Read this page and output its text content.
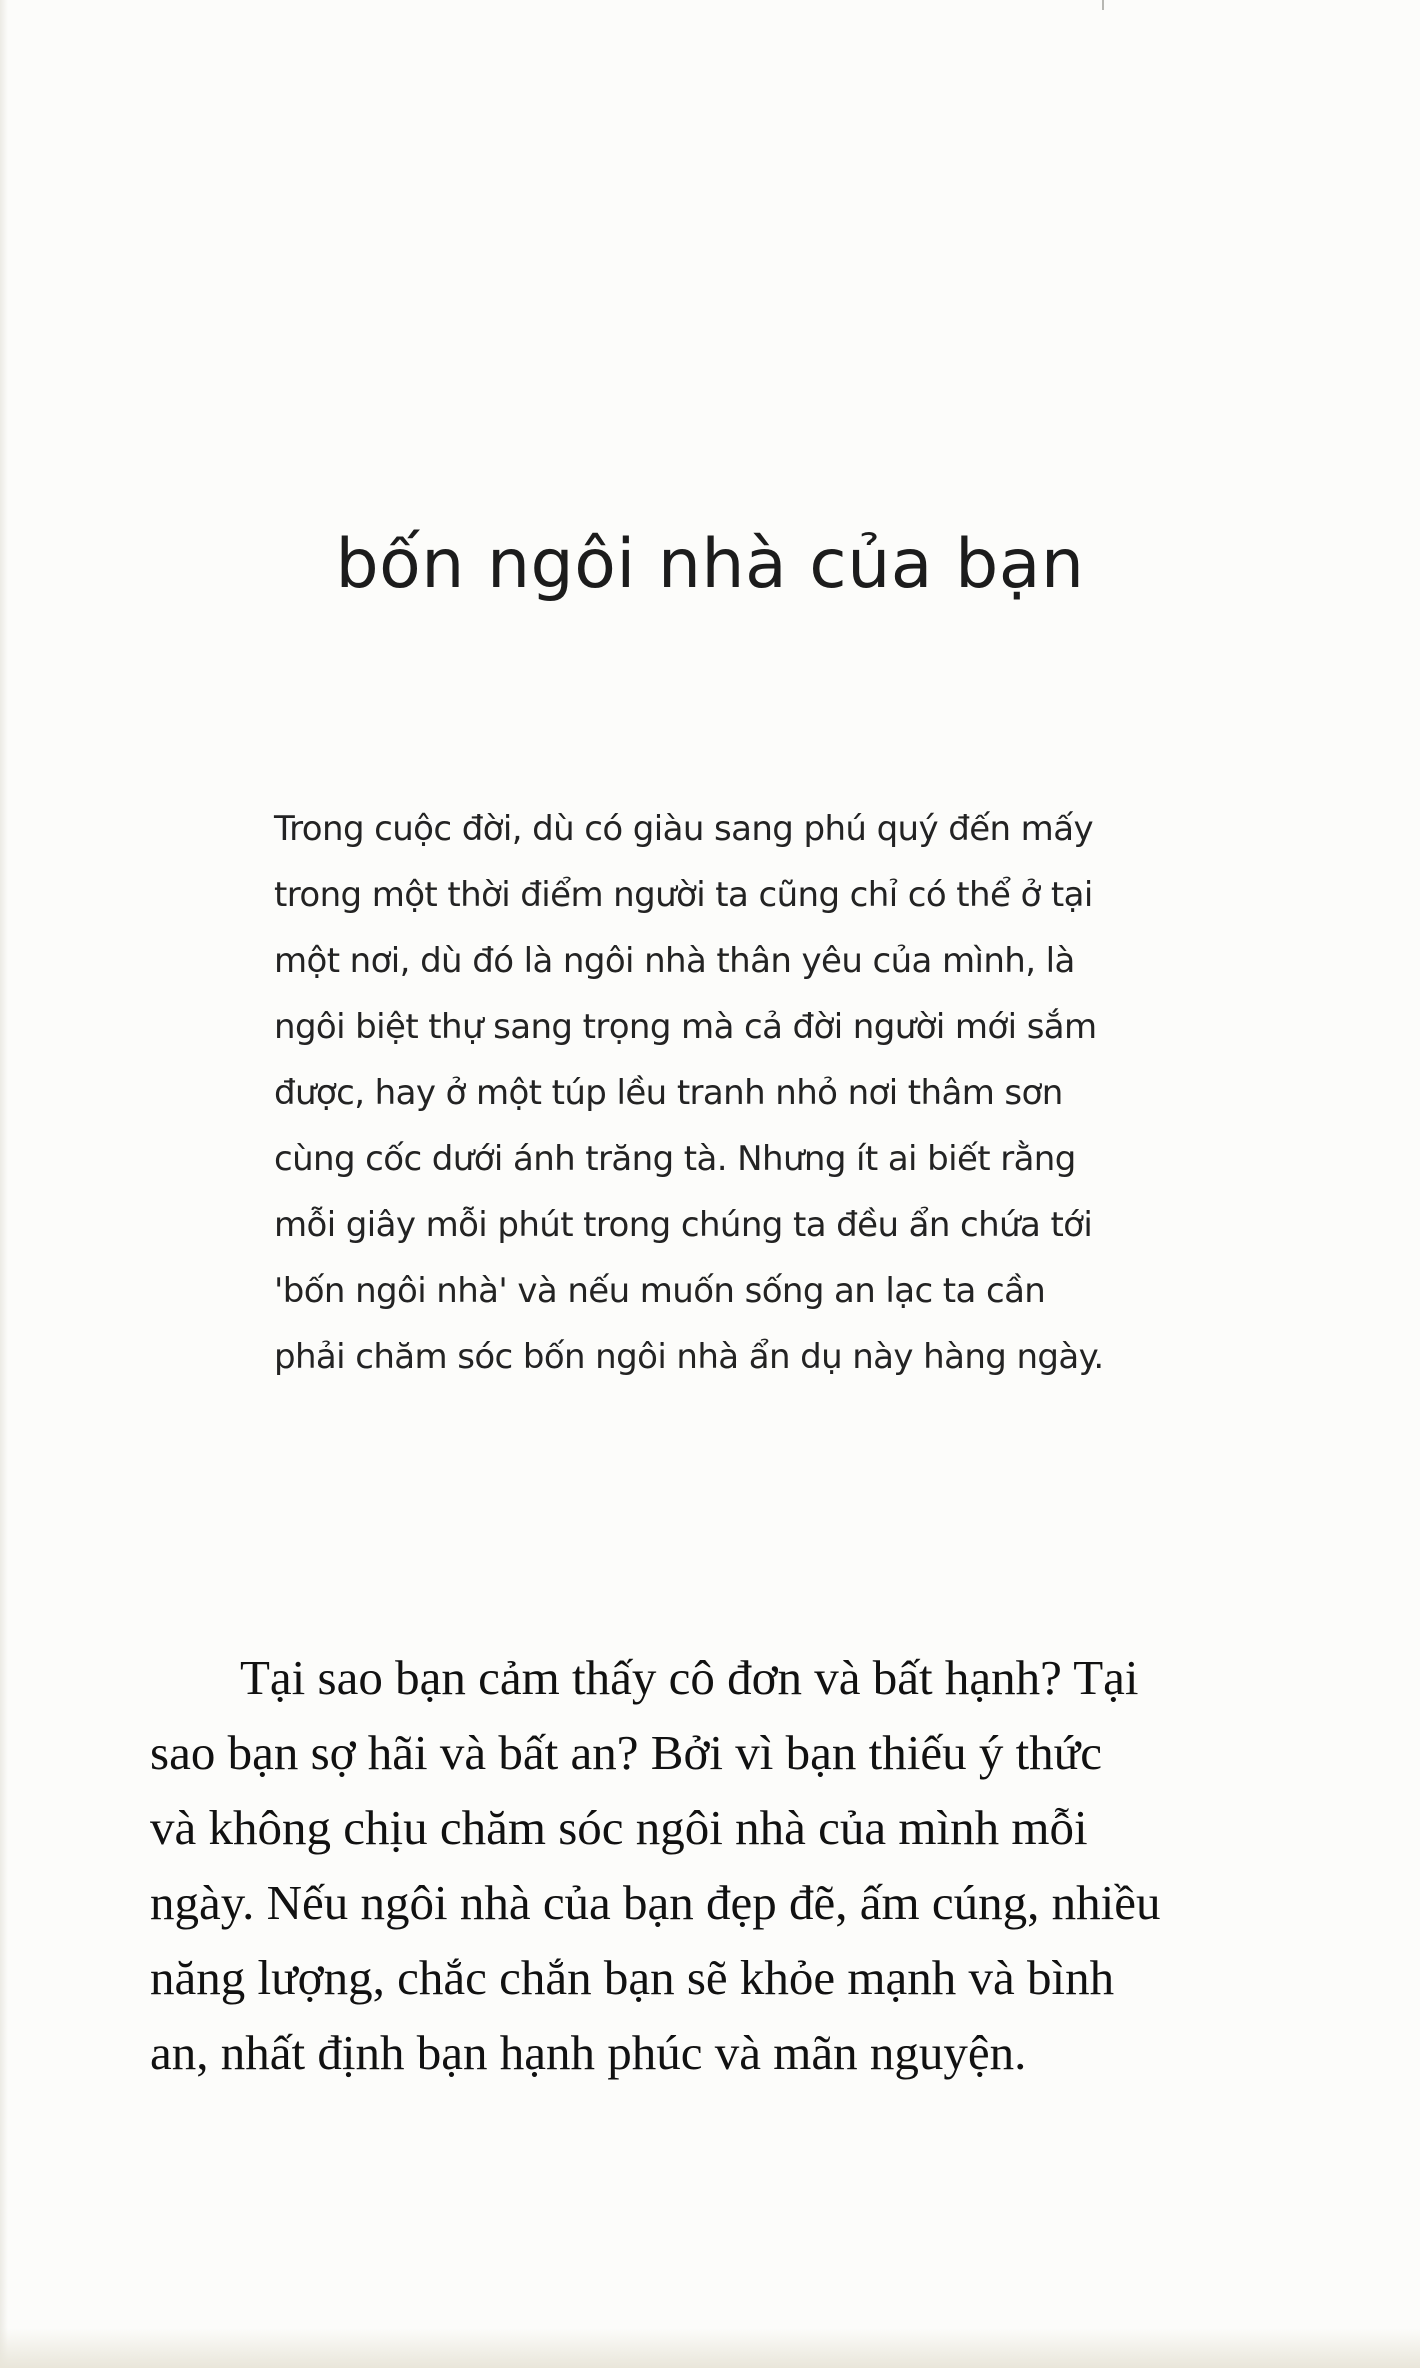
bốn ngôi nhà của bạn

Trong cuộc đời, dù có giàu sang phú quý đến mấy
trong một thời điểm người ta cũng chỉ có thể ở tại
một nơi, dù đó là ngôi nhà thân yêu của mình, là
ngôi biệt thự sang trọng mà cả đời người mới sắm
được, hay ở một túp lều tranh nhỏ nơi thâm sơn
cùng cốc dưới ánh trăng tà. Nhưng ít ai biết rằng
mỗi giây mỗi phút trong chúng ta đều ẩn chứa tới
'bốn ngôi nhà' và nếu muốn sống an lạc ta cần
phải chăm sóc bốn ngôi nhà ẩn dụ này hàng ngày.

Tại sao bạn cảm thấy cô đơn và bất hạnh? Tại
sao bạn sợ hãi và bất an? Bởi vì bạn thiếu ý thức
và không chịu chăm sóc ngôi nhà của mình mỗi
ngày. Nếu ngôi nhà của bạn đẹp đẽ, ấm cúng, nhiều
năng lượng, chắc chắn bạn sẽ khỏe mạnh và bình
an, nhất định bạn hạnh phúc và mãn nguyện.
